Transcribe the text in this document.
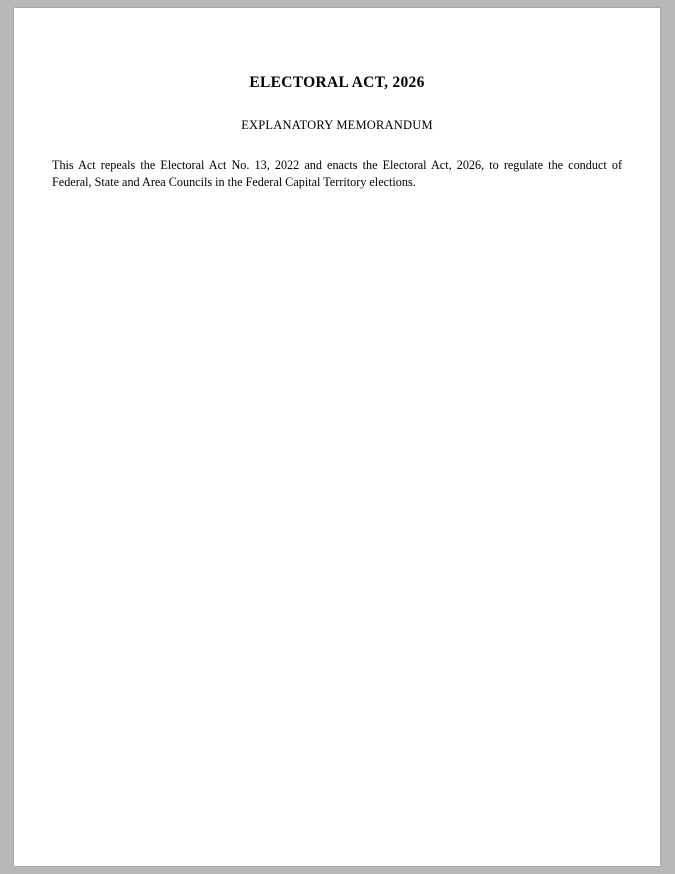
ELECTORAL ACT, 2026
EXPLANATORY MEMORANDUM

This Act repeals the Electoral Act No. 13, 2022 and enacts the Electoral Act, 2026, to regulate the conduct of Federal, State and Area Councils in the Federal Capital Territory elections.
